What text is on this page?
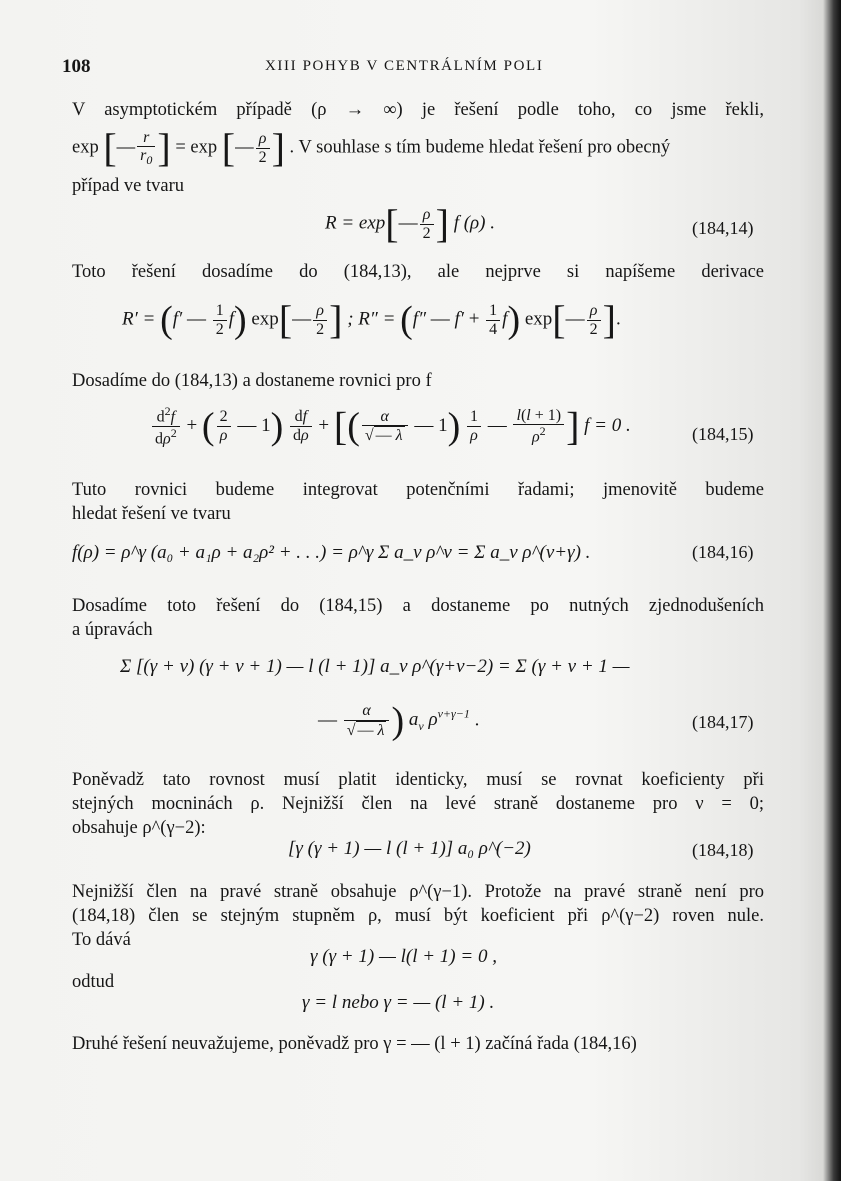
108	XIII POHYB V CENTRÁLNÍM POLI
V asymptotickém případě (ρ → ∞) je řešení podle toho, co jsme řekli,
exp [— $\frac{r}{r_0}$ ] = exp [— $\frac{\rho}{2}$ ] . V souhlase s tím budeme hledat řešení pro obecný
případ ve tvaru
R = exp[— $\frac{\rho}{2}$ ] f (ρ) .	(184,14)
Toto řešení dosadíme do (184,13), ale nejprve si napíšeme derivace
R′ = (f′ — $\frac{1}{2} f$) exp[— $\frac{\rho}{2}$ ] ; R″ = (f″ — $f' + \frac{1}{4} f$) exp[— $\frac{\rho}{2}$ ].
Dosadíme do (184,13) a dostaneme rovnici pro f
$\frac{d^2f}{d\rho^2}$ + ( $\frac{2}{\rho}$ — $1) \frac{df}{d\rho}$ + [( $\frac{\alpha}{√ — \lambda}$ — $1) \frac{1}{\rho}$ — $\frac{l(l + 1)}{\rho^2}$ ] f = 0 .	(184,15)
Tuto rovnici budeme integrovat potenčními řadami; jmenovitě budeme
hledat řešení ve tvaru
f(ρ) = ρ^γ (a₀ + a₁ρ + a₂ρ² + . . .) = ρ^γ Σ a_ν ρ^ν = Σ a_ν ρ^(ν+γ) .	(184,16)
Dosadíme toto řešení do (184,15) a dostaneme po nutných zjednodušeních
a úpravách
Σ [(γ + ν) (γ + ν + 1) — l (l + 1)] a_ν ρ^(γ+ν−2) = Σ (γ + ν + 1 —
— $\frac{\alpha}{√ — \lambda}$ ) $a_\nu$ $\rho^{\nu+\gamma-1}$ .	(184,17)
Poněvadž tato rovnost musí platit identicky, musí se rovnat koeficienty při
stejných mocninách ρ. Nejnižší člen na levé straně dostaneme pro ν = 0;
obsahuje ρ^(γ−2):
[γ (γ + 1) — l (l + 1)] a₀ ρ^(−2)	(184,18)
Nejnižší člen na pravé straně obsahuje ρ^(γ−1). Protože na pravé straně není pro
(184,18) člen se stejným stupněm ρ, musí být koeficient při ρ^(γ−2) roven nule.
To dává
γ (γ + 1) — l(l + 1) = 0 ,
odtud
γ = l nebo γ = — (l + 1) .
Druhé řešení neuvažujeme, poněvadž pro γ = — (l + 1) začíná řada (184,16)
